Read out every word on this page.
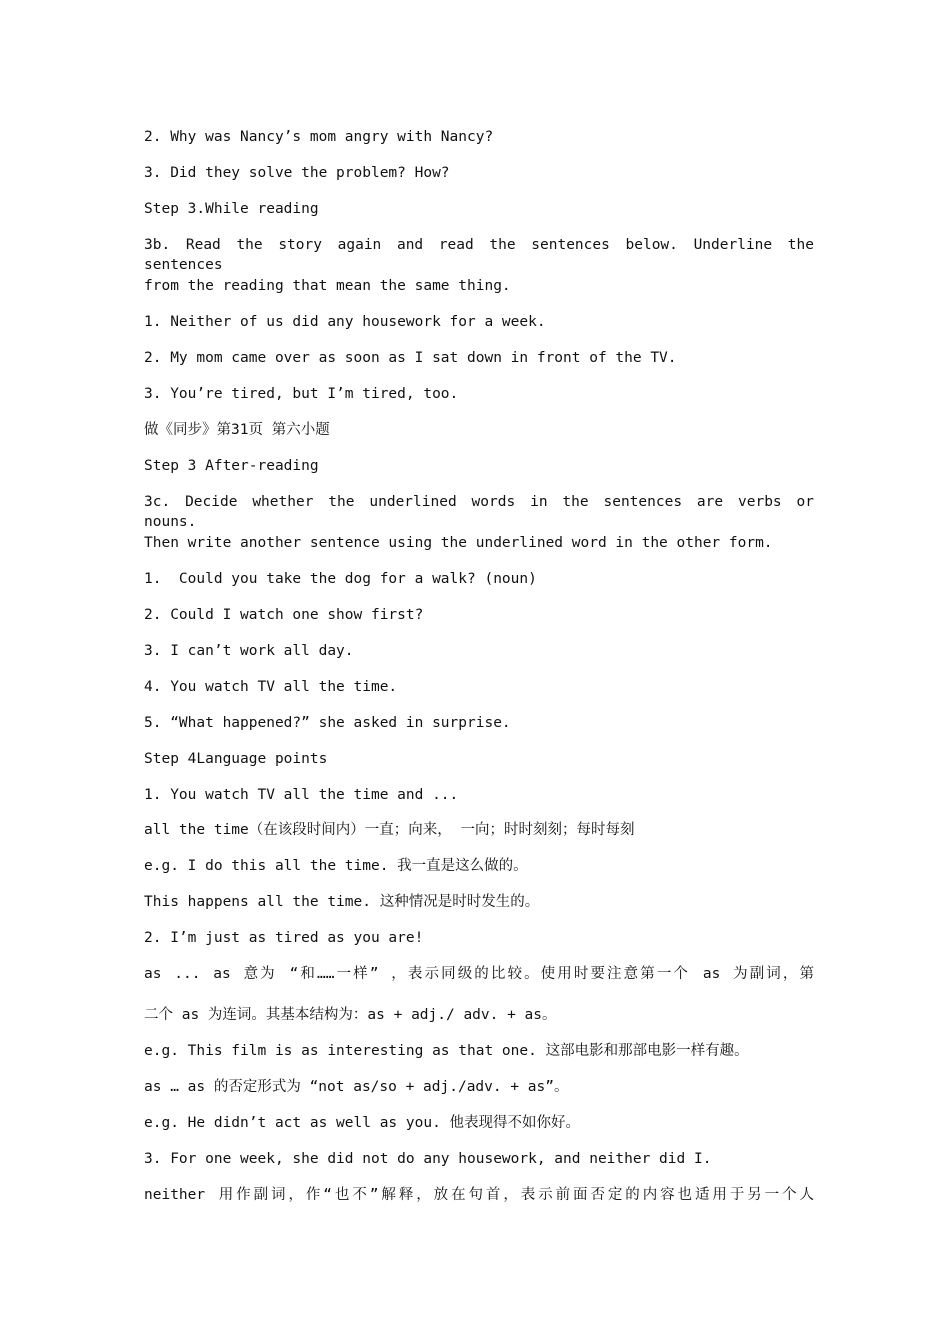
2. Why was Nancy’s mom angry with Nancy?
3. Did they solve the problem? How?
Step 3.While reading
3b. Read the story again and read the sentences below. Underline the sentences
from the reading that mean the same thing.
1. Neither of us did any housework for a week.
2. My mom came over as soon as I sat down in front of the TV.
3. You’re tired, but I’m tired, too.
做《同步》第31页 第六小题
Step 3 After-reading
3c. Decide whether the underlined words in the sentences are verbs or nouns.
Then write another sentence using the underlined word in the other form.
1.  Could you take the dog for a walk? (noun)
2. Could I watch one show first?
3. I can’t work all day.
4. You watch TV all the time.
5. “What happened?” she asked in surprise.
Step 4Language points
1. You watch TV all the time and ...
all the time（在该段时间内）一直；向来， 一向；时时刻刻；每时每刻
e.g. I do this all the time. 我一直是这么做的。
This happens all the time. 这种情况是时时发生的。
2. I’m just as tired as you are!
as ... as 意为 “和……一样” ，表示同级的比较。使用时要注意第一个 as 为副词，第
二个 as 为连词。其基本结构为：as + adj./ adv. + as。
e.g. This film is as interesting as that one. 这部电影和那部电影一样有趣。
as … as 的否定形式为 “not as/so + adj./adv. + as”。
e.g. He didn’t act as well as you. 他表现得不如你好。
3. For one week, she did not do any housework, and neither did I.
neither 用作副词，作“也不”解释，放在句首，表示前面否定的内容也适用于另一个人
